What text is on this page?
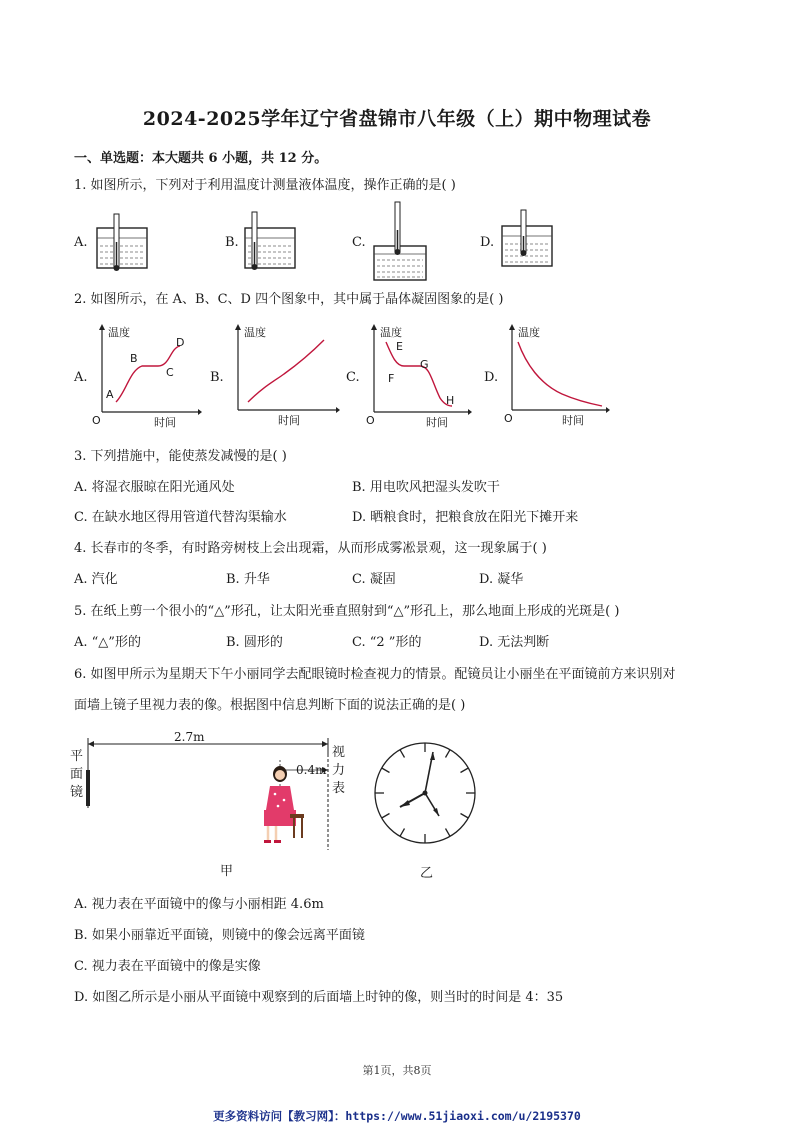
2024-2025学年辽宁省盘锦市八年级（上）期中物理试卷
一、单选题：本大题共 6 小题，共 12 分。
1. 如图所示，下列对于利用温度计测量液体温度，操作正确的是( )
A.	B.	C.	D.
2. 如图所示，在 A、B、C、D 四个图象中，其中属于晶体凝固图象的是( )
A.
温度
时间
O
A
B
C
D
B.
温度
时间
C.
温度
时间
O
E
F
G
H
D.
温度
时间
O
3. 下列措施中，能使蒸发减慢的是( )
A. 将湿衣服晾在阳光通风处	B. 用电吹风把湿头发吹干
C. 在缺水地区得用管道代替沟渠输水	D. 晒粮食时，把粮食放在阳光下摊开来
4. 长春市的冬季，有时路旁树枝上会出现霜，从而形成雾凇景观，这一现象属于( )
A. 汽化	B. 升华	C. 凝固	D. 凝华
5. 在纸上剪一个很小的“△”形孔，让太阳光垂直照射到“△”形孔上，那么地面上形成的光斑是( )
A. “△”形的	B. 圆形的	C. “2 ”形的	D. 无法判断
6. 如图甲所示为星期天下午小丽同学去配眼镜时检查视力的情景。配镜员让小丽坐在平面镜前方来识别对
面墙上镜子里视力表的像。根据图中信息判断下面的说法正确的是( )
2.7m
0.4m
平面镜
视力表
甲	乙
A. 视力表在平面镜中的像与小丽相距 4.6m
B. 如果小丽靠近平面镜，则镜中的像会远离平面镜
C. 视力表在平面镜中的像是实像
D. 如图乙所示是小丽从平面镜中观察到的后面墙上时钟的像，则当时的时间是 4：35
第1页，共8页
更多资料访问【教习网】：https://www.51jiaoxi.com/u/2195370
